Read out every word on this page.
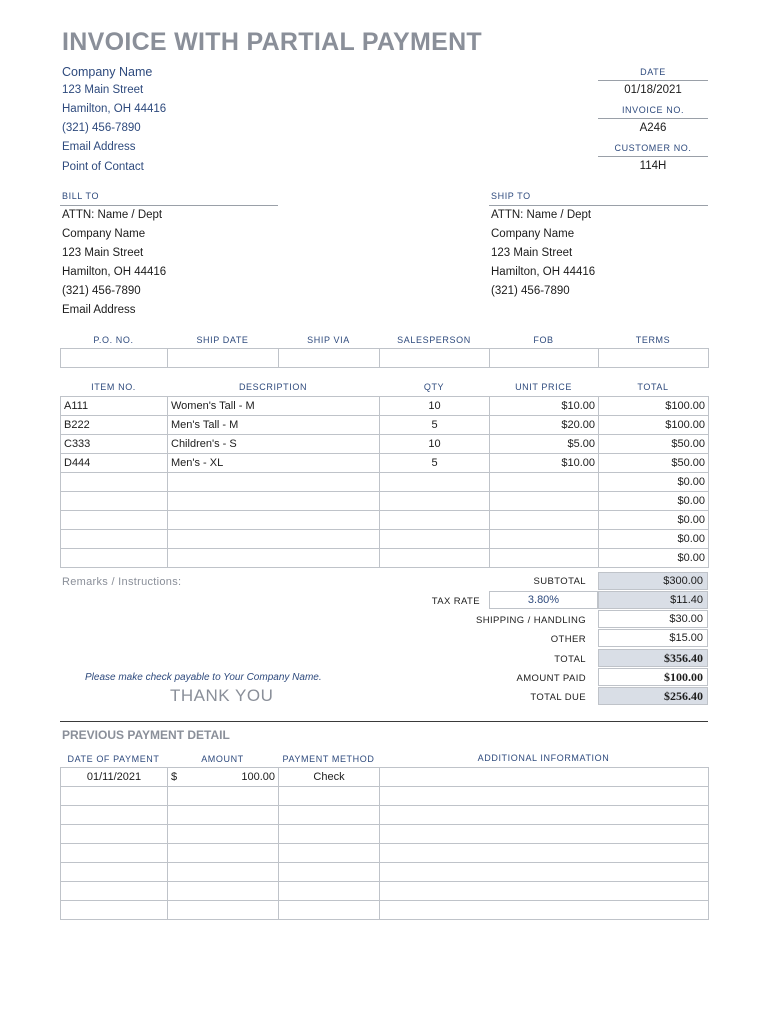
INVOICE WITH PARTIAL PAYMENT
Company Name
123 Main Street
Hamilton, OH 44416
(321) 456-7890
Email Address
Point of Contact
DATE
01/18/2021
INVOICE NO.
A246
CUSTOMER NO.
114H
BILL TO
ATTN: Name / Dept
Company Name
123 Main Street
Hamilton, OH 44416
(321) 456-7890
Email Address
SHIP TO
ATTN: Name / Dept
Company Name
123 Main Street
Hamilton, OH 44416
(321) 456-7890
P.O. NO.	SHIP DATE	SHIP VIA	SALESPERSON	FOB	TERMS

ITEM NO.	DESCRIPTION	QTY	UNIT PRICE	TOTAL
A111	Women's Tall - M	10	$10.00	$100.00
B222	Men's Tall - M	5	$20.00	$100.00
C333	Children's - S	10	$5.00	$50.00
D444	Men's - XL	5	$10.00	$50.00
				$0.00
				$0.00
				$0.00
				$0.00
				$0.00
Remarks / Instructions:	SUBTOTAL	$300.00
TAX RATE	3.80%	$11.40
SHIPPING / HANDLING	$30.00
OTHER	$15.00
TOTAL	$356.40
AMOUNT PAID	$100.00
TOTAL DUE	$256.40
Please make check payable to Your Company Name.
THANK YOU
PREVIOUS PAYMENT DETAIL
DATE OF PAYMENT	AMOUNT	PAYMENT METHOD	ADDITIONAL INFORMATION
01/11/2021	$ 100.00	Check	
